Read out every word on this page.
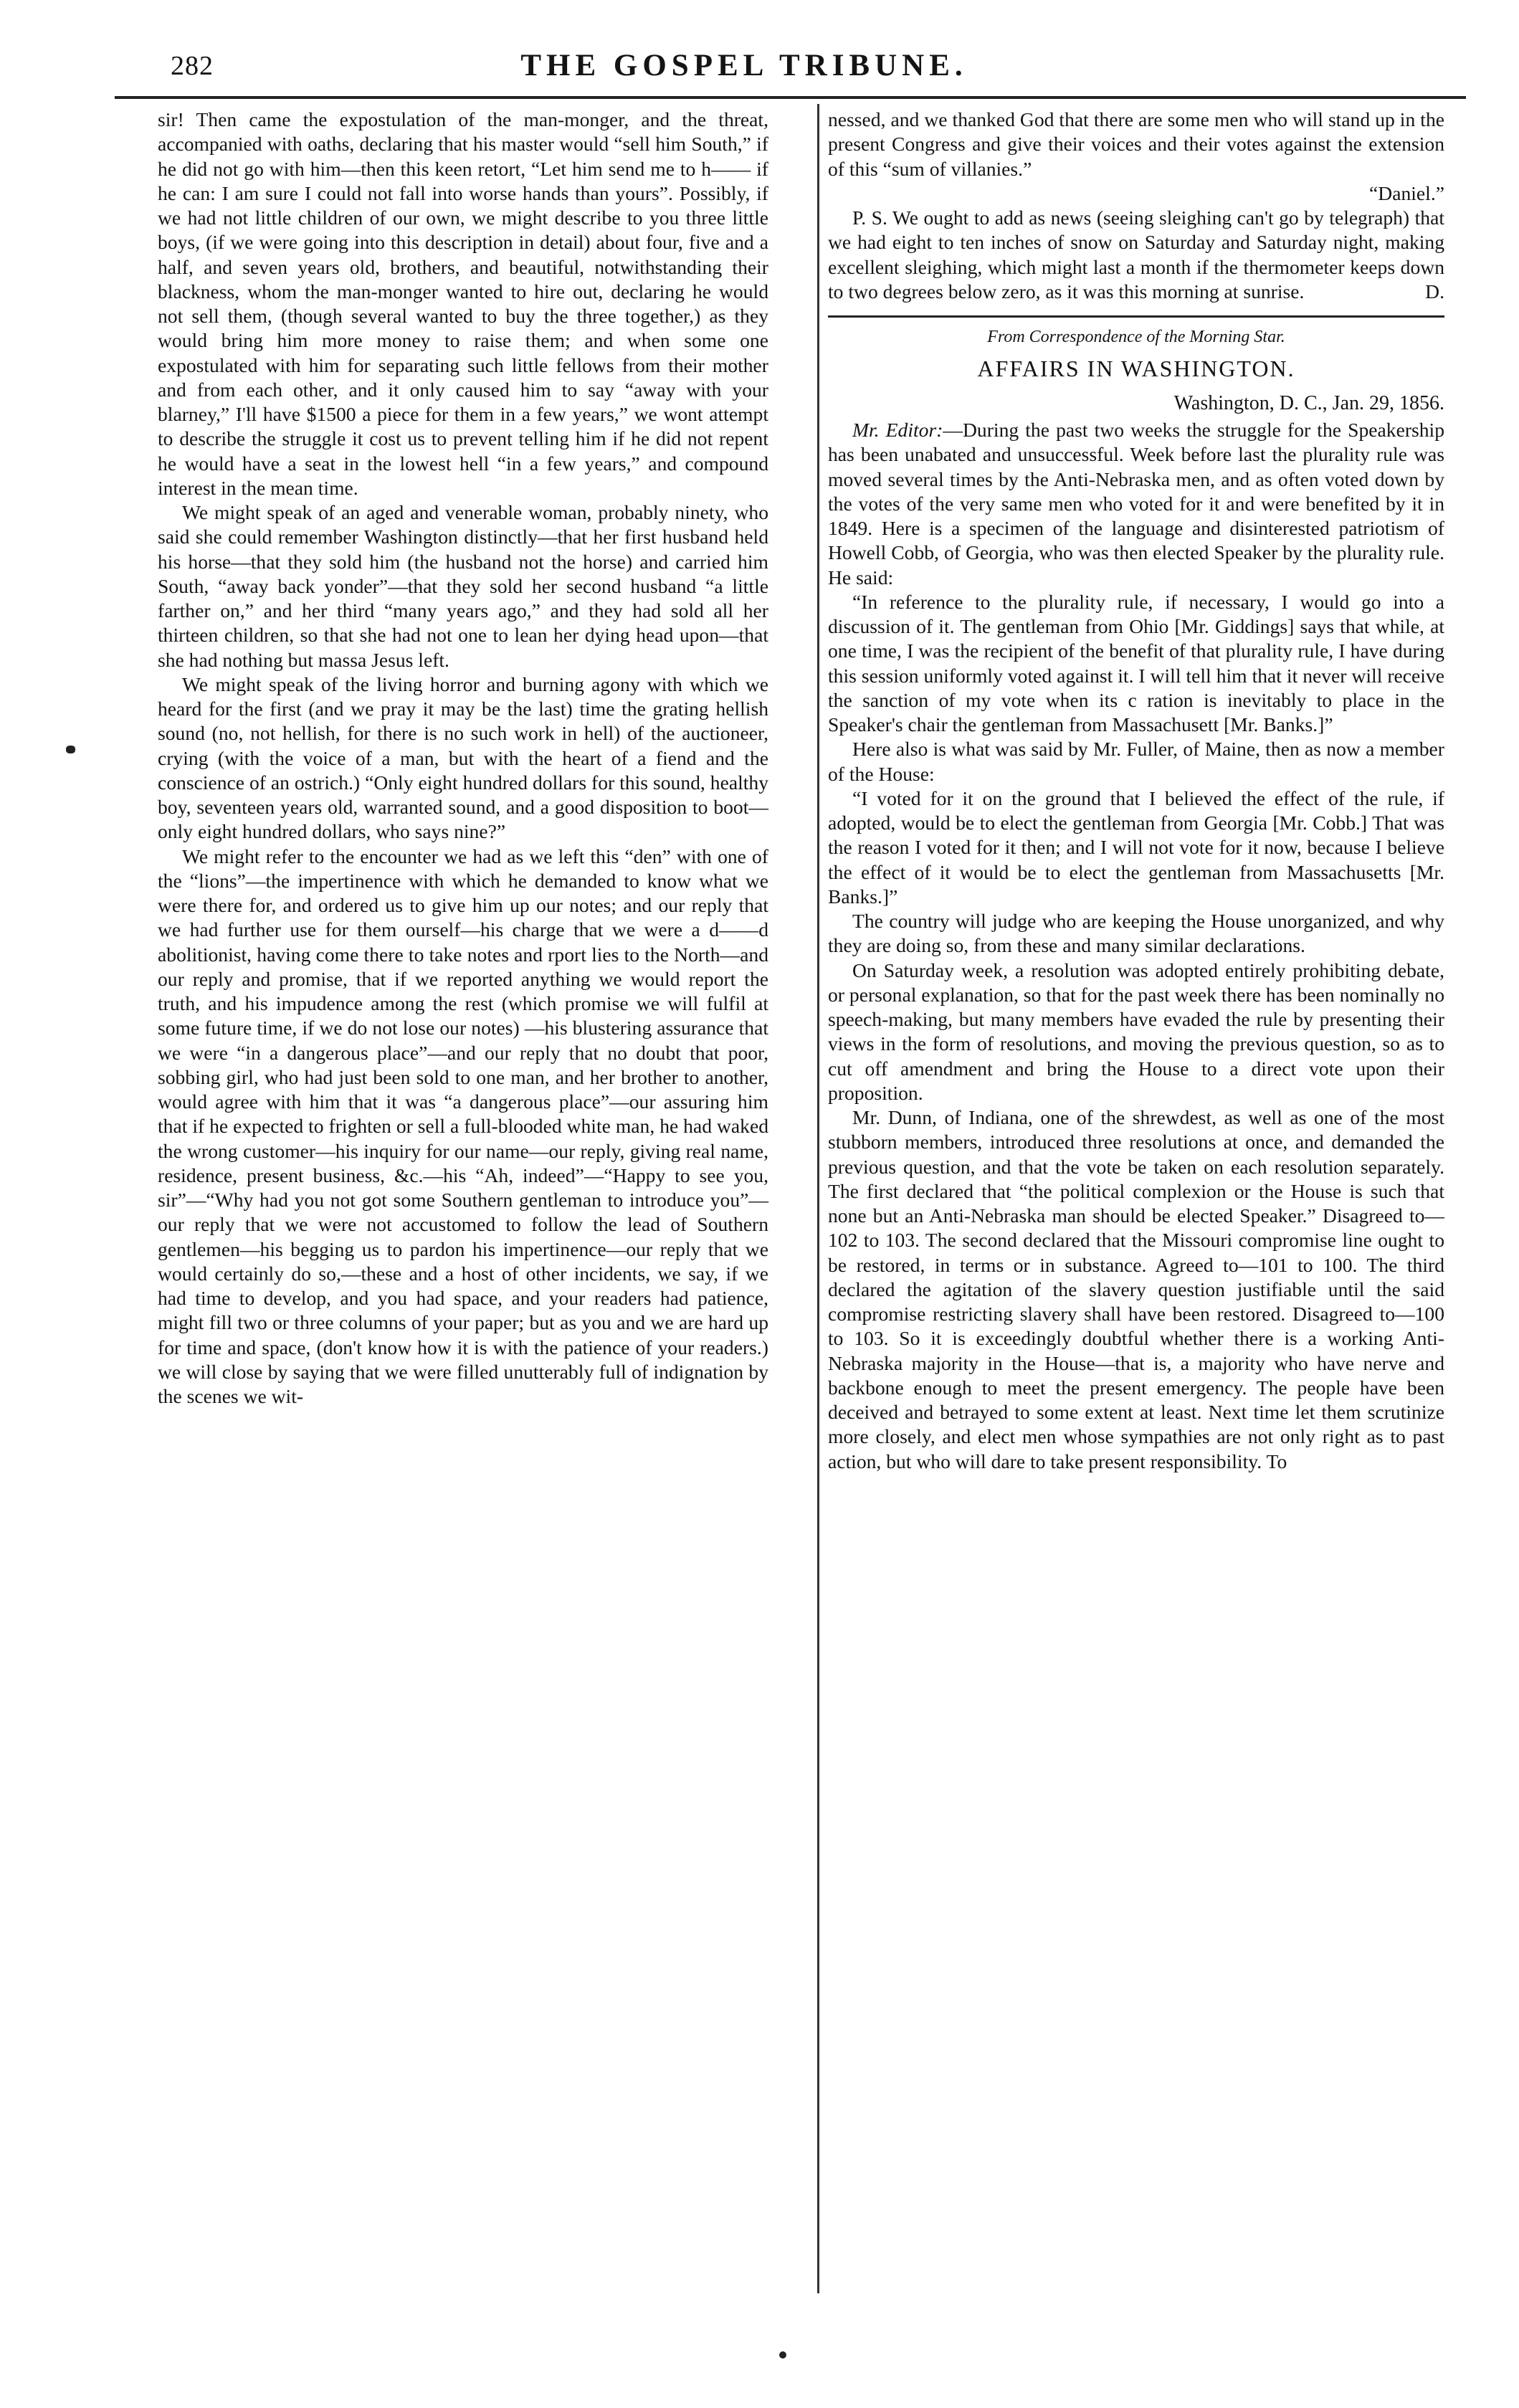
282	THE GOSPEL TRIBUNE.

sir! Then came the expostulation of the man-monger, and the threat, accompanied with oaths, declaring that his master would “sell him South,” if he did not go with him—then this keen retort, “Let him send me to h—— if he can: I am sure I could not fall into worse hands than yours”. Possibly, if we had not little children of our own, we might describe to you three little boys, (if we were going into this description in detail) about four, five and a half, and seven years old, brothers, and beautiful, notwithstanding their blackness, whom the man-monger wanted to hire out, declaring he would not sell them, (though several wanted to buy the three together,) as they would bring him more money to raise them; and when some one expostulated with him for separating such little fellows from their mother and from each other, and it only caused him to say “away with your blarney,” I'll have $1500 a piece for them in a few years,” we wont attempt to describe the struggle it cost us to prevent telling him if he did not repent he would have a seat in the lowest hell “in a few years,” and compound interest in the mean time.

We might speak of an aged and venerable woman, probably ninety, who said she could remember Washington distinctly—that her first husband held his horse—that they sold him (the husband not the horse) and carried him South, “away back yonder”—that they sold her second husband “a little farther on,” and her third “many years ago,” and they had sold all her thirteen children, so that she had not one to lean her dying head upon—that she had nothing but massa Jesus left.

We might speak of the living horror and burning agony with which we heard for the first (and we pray it may be the last) time the grating hellish sound (no, not hellish, for there is no such work in hell) of the auctioneer, crying (with the voice of a man, but with the heart of a fiend and the conscience of an ostrich.) “Only eight hundred dollars for this sound, healthy boy, seventeen years old, warranted sound, and a good disposition to boot—only eight hundred dollars, who says nine?”

We might refer to the encounter we had as we left this “den” with one of the “lions”—the impertinence with which he demanded to know what we were there for, and ordered us to give him up our notes; and our reply that we had further use for them ourself—his charge that we were a d——d abolitionist, having come there to take notes and rport lies to the North—and our reply and promise, that if we reported anything we would report the truth, and his impudence among the rest (which promise we will fulfil at some future time, if we do not lose our notes) —his blustering assurance that we were “in a dangerous place”—and our reply that no doubt that poor, sobbing girl, who had just been sold to one man, and her brother to another, would agree with him that it was “a dangerous place”—our assuring him that if he expected to frighten or sell a full-blooded white man, he had waked the wrong customer—his inquiry for our name—our reply, giving real name, residence, present business, &c.—his “Ah, indeed”—“Happy to see you, sir”—“Why had you not got some Southern gentleman to introduce you”—our reply that we were not accustomed to follow the lead of Southern gentlemen—his begging us to pardon his impertinence—our reply that we would certainly do so,—these and a host of other incidents, we say, if we had time to develop, and you had space, and your readers had patience, might fill two or three columns of your paper; but as you and we are hard up for time and space, (don't know how it is with the patience of your readers.) we will close by saying that we were filled unutterably full of indignation by the scenes we wit-

nessed, and we thanked God that there are some men who will stand up in the present Congress and give their voices and their votes against the extension of this “sum of villanies.”

“Daniel.”

P. S. We ought to add as news (seeing sleighing can't go by telegraph) that we had eight to ten inches of snow on Saturday and Saturday night, making excellent sleighing, which might last a month if the thermometer keeps down to two degrees below zero, as it was this morning at sunrise.	D.

From Correspondence of the Morning Star.

AFFAIRS IN WASHINGTON.

Washington, D. C., Jan. 29, 1856.

Mr. Editor:—During the past two weeks the struggle for the Speakership has been unabated and unsuccessful. Week before last the plurality rule was moved several times by the Anti-Nebraska men, and as often voted down by the votes of the very same men who voted for it and were benefited by it in 1849. Here is a specimen of the language and disinterested patriotism of Howell Cobb, of Georgia, who was then elected Speaker by the plurality rule. He said:

“In reference to the plurality rule, if necessary, I would go into a discussion of it. The gentleman from Ohio [Mr. Giddings] says that while, at one time, I was the recipient of the benefit of that plurality rule, I have during this session uniformly voted against it. I will tell him that it never will receive the sanction of my vote when its c ration is inevitably to place in the Speaker's chair the gentleman from Massachusett [Mr. Banks.]”

Here also is what was said by Mr. Fuller, of Maine, then as now a member of the House:

“I voted for it on the ground that I believed the effect of the rule, if adopted, would be to elect the gentleman from Georgia [Mr. Cobb.] That was the reason I voted for it then; and I will not vote for it now, because I believe the effect of it would be to elect the gentleman from Massachusetts [Mr. Banks.]”

The country will judge who are keeping the House unorganized, and why they are doing so, from these and many similar declarations.

On Saturday week, a resolution was adopted entirely prohibiting debate, or personal explanation, so that for the past week there has been nominally no speech-making, but many members have evaded the rule by presenting their views in the form of resolutions, and moving the previous question, so as to cut off amendment and bring the House to a direct vote upon their proposition.

Mr. Dunn, of Indiana, one of the shrewdest, as well as one of the most stubborn members, introduced three resolutions at once, and demanded the previous question, and that the vote be taken on each resolution separately. The first declared that “the political complexion or the House is such that none but an Anti-Nebraska man should be elected Speaker.” Disagreed to—102 to 103. The second declared that the Missouri compromise line ought to be restored, in terms or in substance. Agreed to—101 to 100. The third declared the agitation of the slavery question justifiable until the said compromise restricting slavery shall have been restored. Disagreed to—100 to 103. So it is exceedingly doubtful whether there is a working Anti-Nebraska majority in the House—that is, a majority who have nerve and backbone enough to meet the present emergency. The people have been deceived and betrayed to some extent at least. Next time let them scrutinize more closely, and elect men whose sympathies are not only right as to past action, but who will dare to take present responsibility. To
